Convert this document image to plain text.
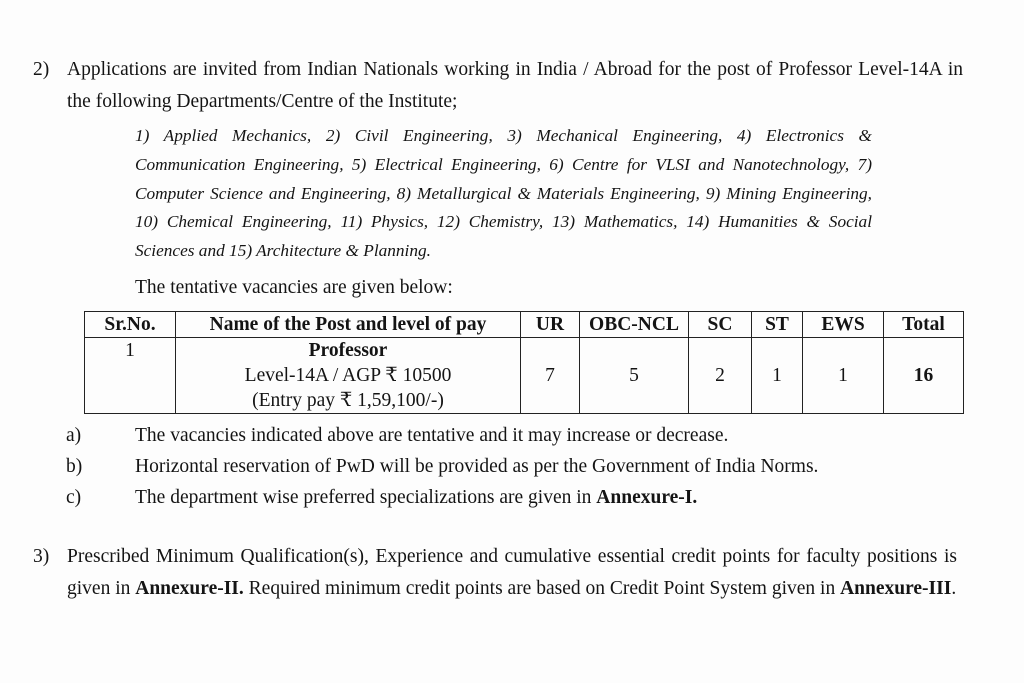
2) Applications are invited from Indian Nationals working in India / Abroad for the post of Professor Level-14A in the following Departments/Centre of the Institute;
1) Applied Mechanics, 2) Civil Engineering, 3) Mechanical Engineering, 4) Electronics & Communication Engineering, 5) Electrical Engineering, 6) Centre for VLSI and Nanotechnology, 7) Computer Science and Engineering, 8) Metallurgical & Materials Engineering, 9) Mining Engineering, 10) Chemical Engineering, 11) Physics, 12) Chemistry, 13) Mathematics, 14) Humanities & Social Sciences and 15) Architecture & Planning.
The tentative vacancies are given below:
Sr.No.	Name of the Post and level of pay	UR	OBC-NCL	SC	ST	EWS	Total
1	Professor
Level-14A / AGP ₹ 10500
(Entry pay ₹ 1,59,100/-)	7	5	2	1	1	16
a)	The vacancies indicated above are tentative and it may increase or decrease.
b)	Horizontal reservation of PwD will be provided as per the Government of India Norms.
c)	The department wise preferred specializations are given in Annexure-I.
3) Prescribed Minimum Qualification(s), Experience and cumulative essential credit points for faculty positions is given in Annexure-II. Required minimum credit points are based on Credit Point System given in Annexure-III.
